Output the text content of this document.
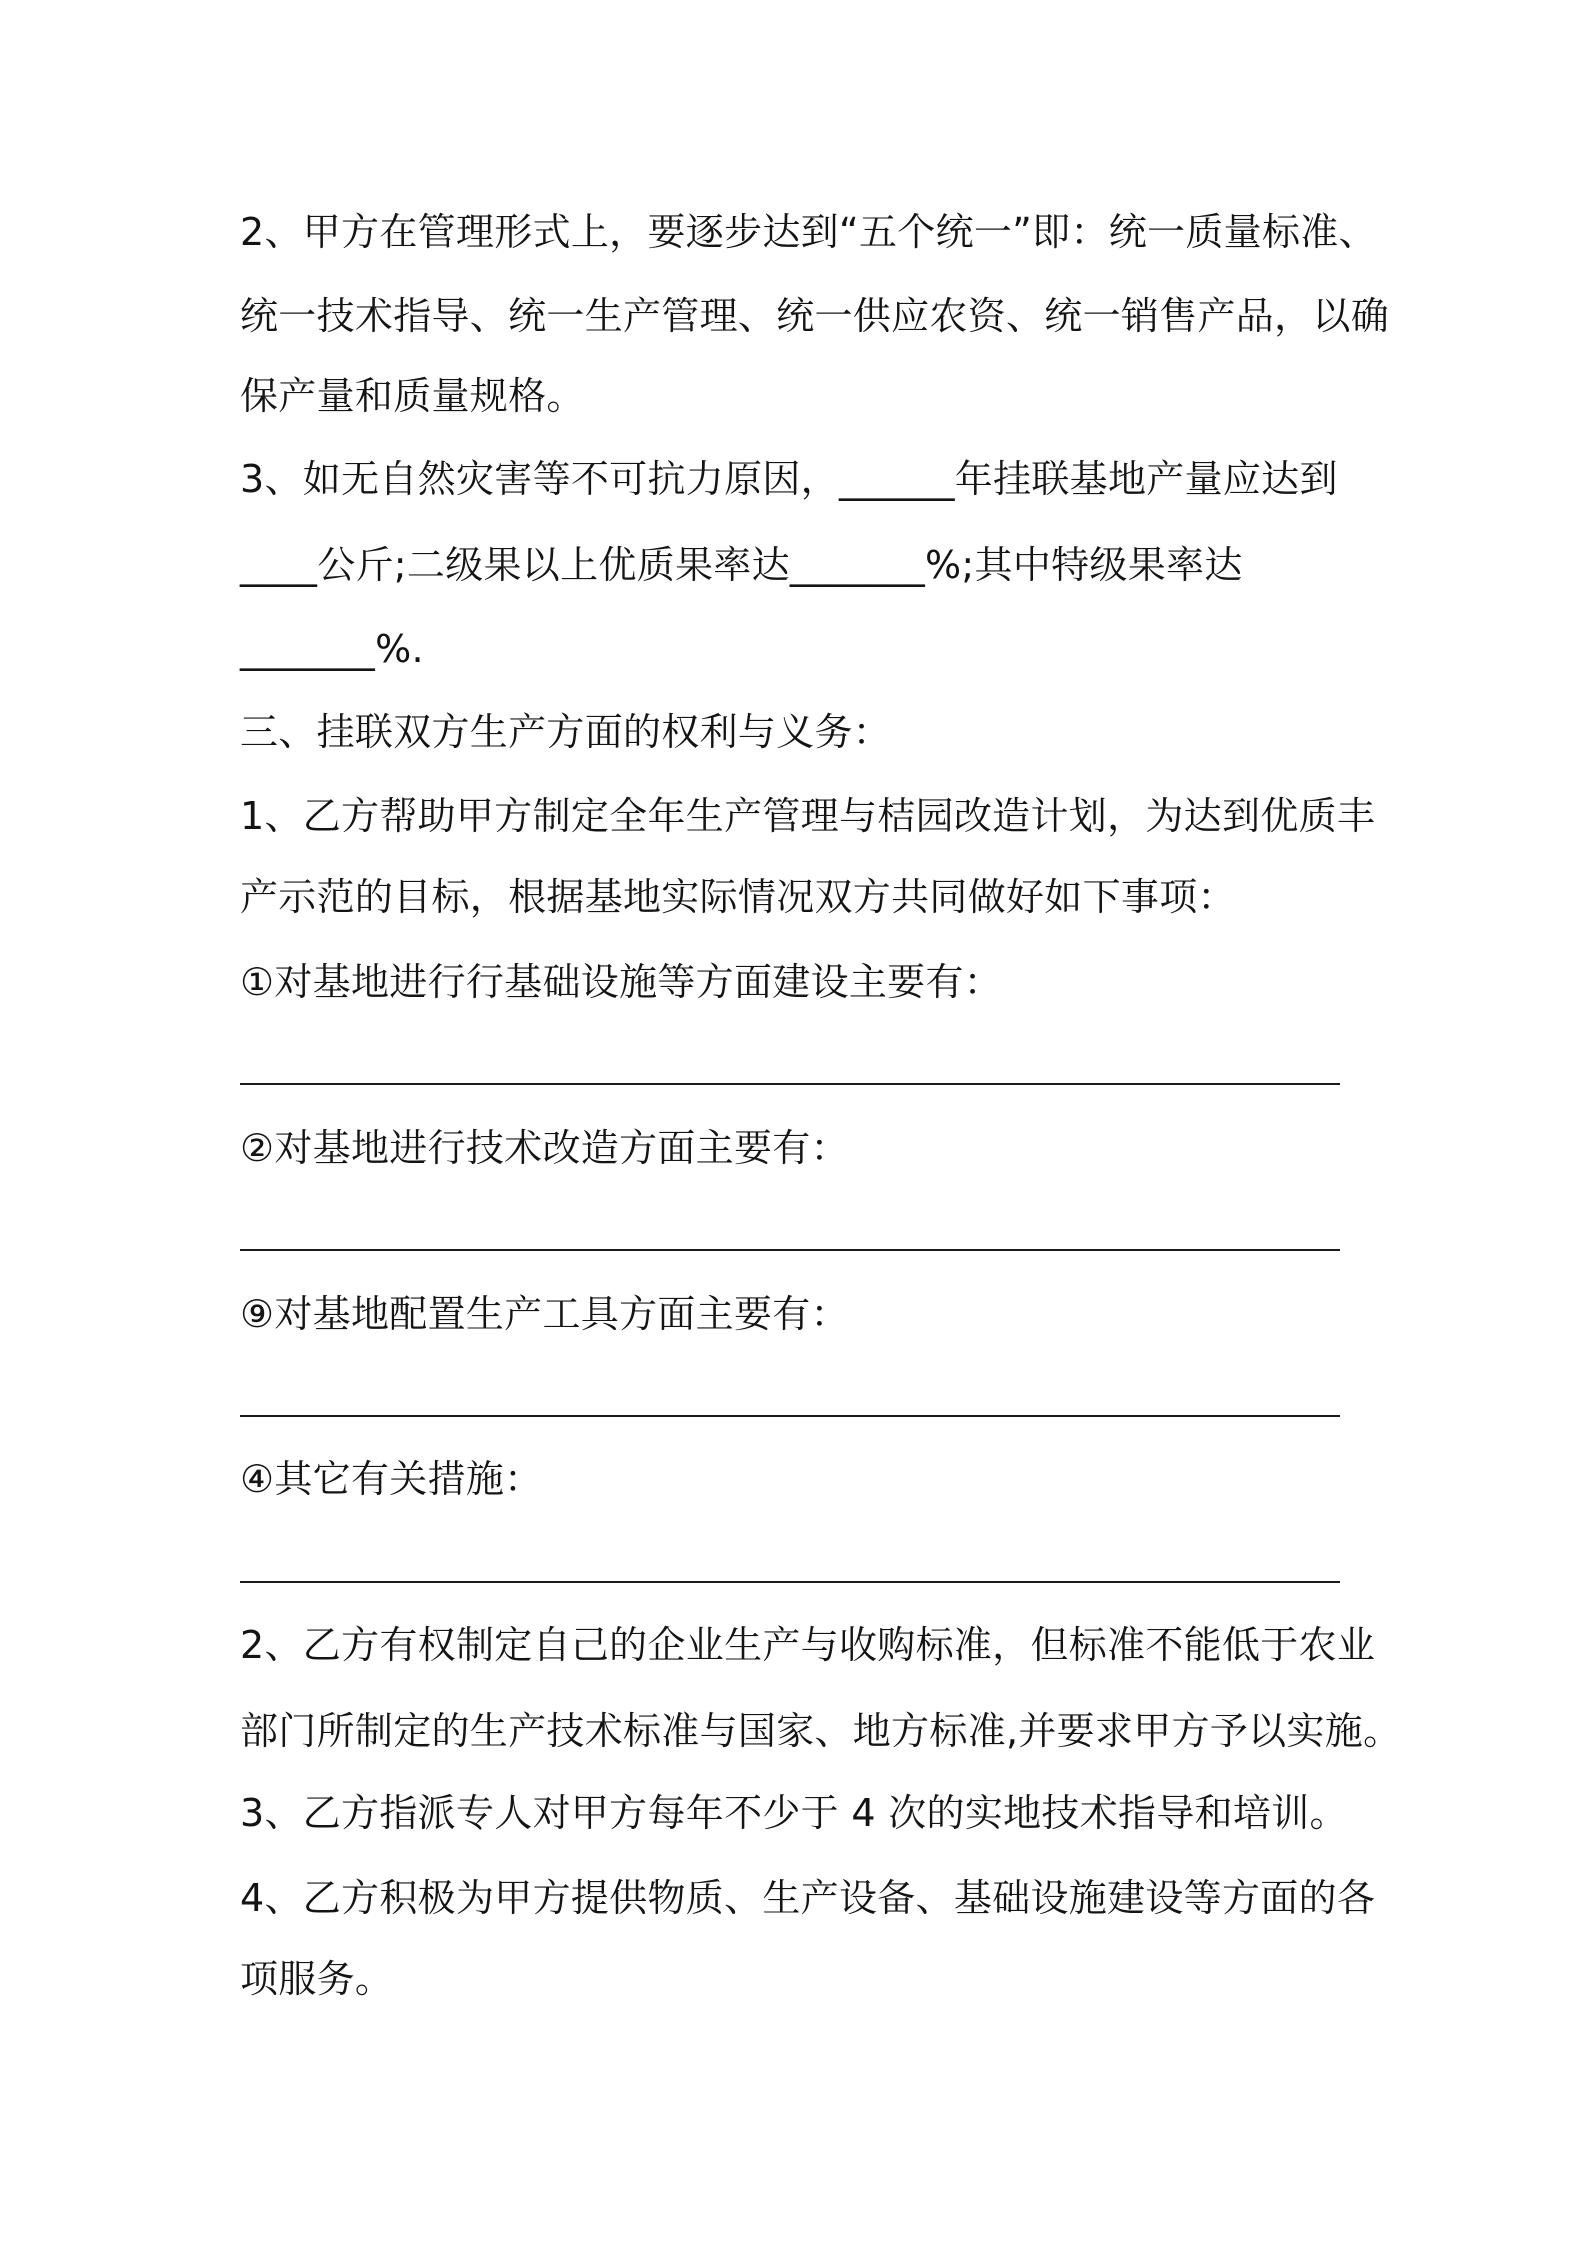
2、甲方在管理形式上，要逐步达到“五个统一”即：统一质量标准、
统一技术指导、统一生产管理、统一供应农资、统一销售产品，以确
保产量和质量规格。
3、如无自然灾害等不可抗力原因，______年挂联基地产量应达到
____公斤;二级果以上优质果率达_______%;其中特级果率达
_______%.
三、挂联双方生产方面的权利与义务：
1、乙方帮助甲方制定全年生产管理与桔园改造计划，为达到优质丰
产示范的目标，根据基地实际情况双方共同做好如下事项：
①对基地进行行基础设施等方面建设主要有：
②对基地进行技术改造方面主要有：
⑨对基地配置生产工具方面主要有：
④其它有关措施：
2、乙方有权制定自己的企业生产与收购标准，但标准不能低于农业
部门所制定的生产技术标准与国家、地方标准,并要求甲方予以实施。
3、乙方指派专人对甲方每年不少于 4 次的实地技术指导和培训。
4、乙方积极为甲方提供物质、生产设备、基础设施建设等方面的各
项服务。
